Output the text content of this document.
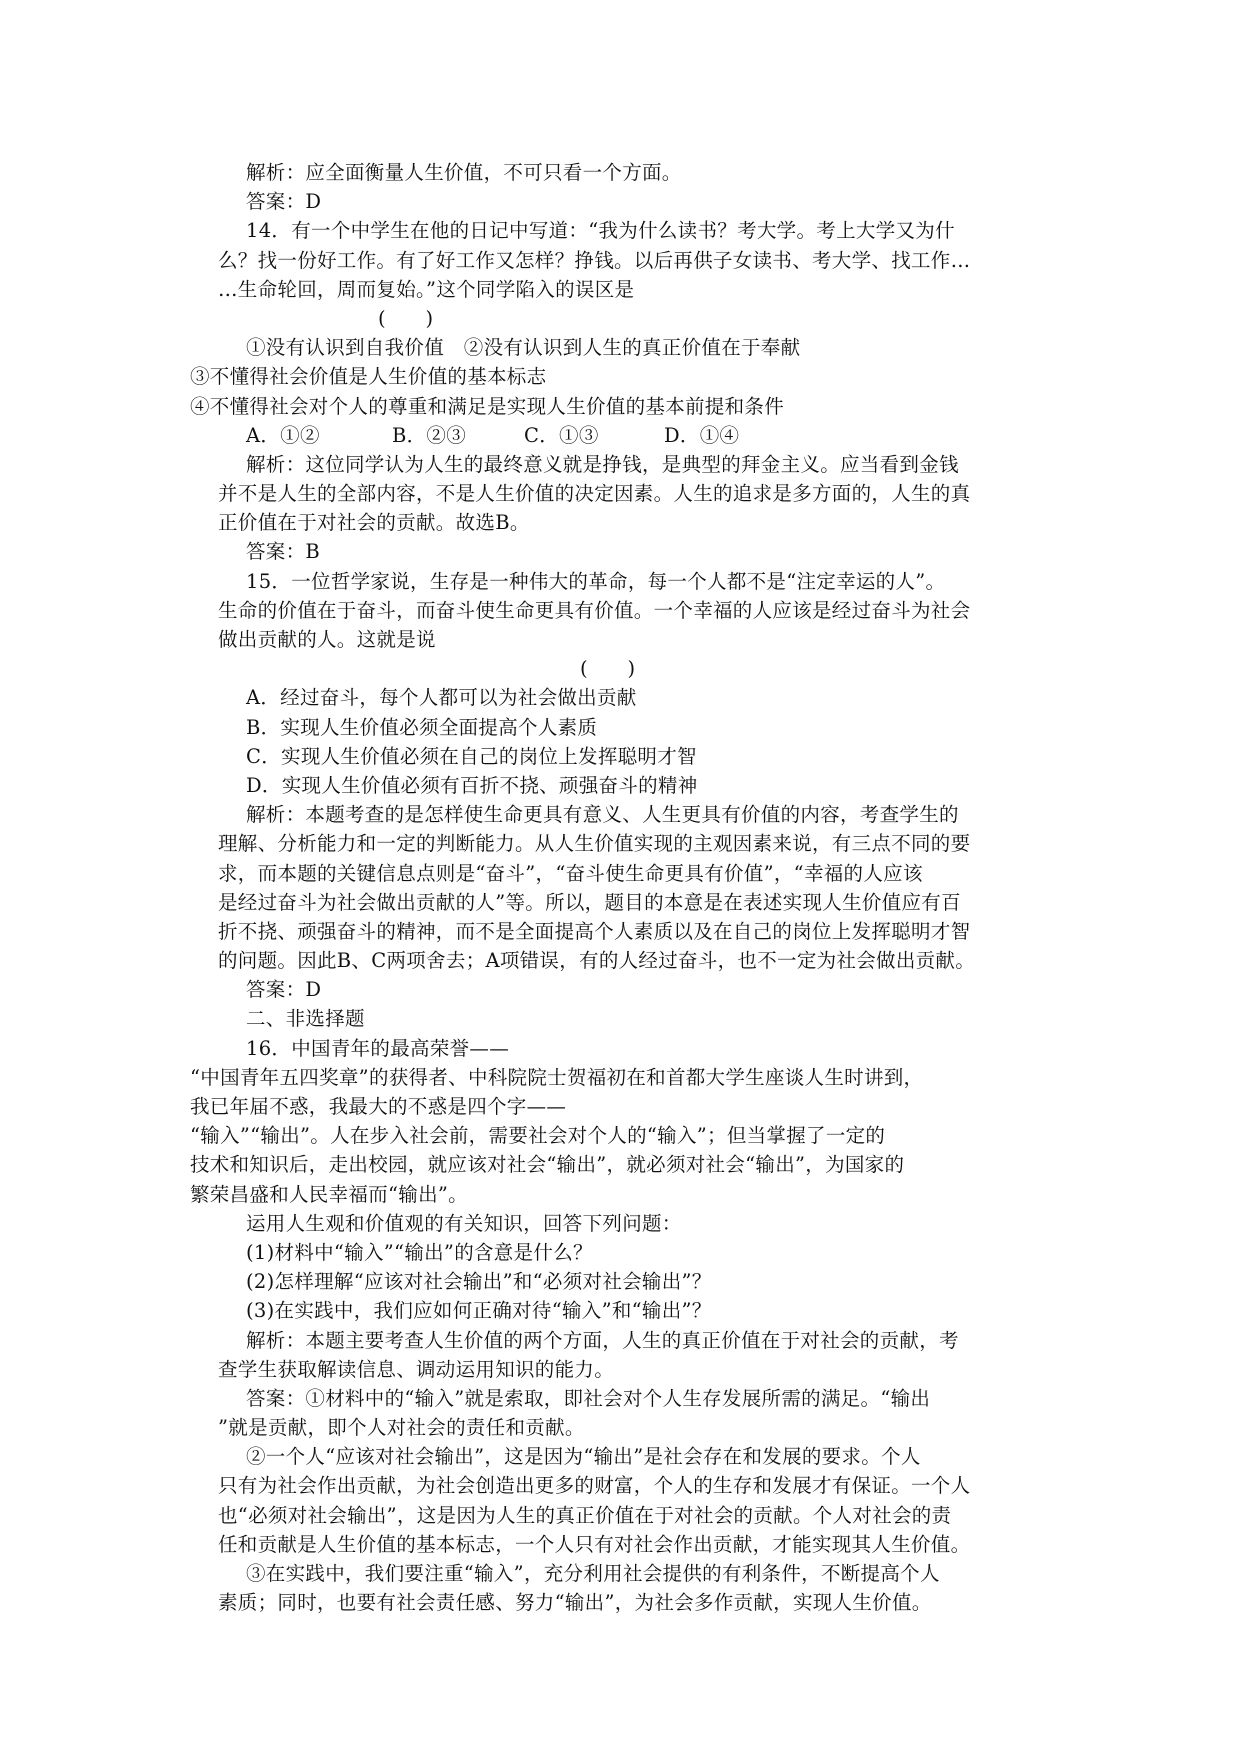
解析：应全面衡量人生价值，不可只看一个方面。
答案：D
14．有一个中学生在他的日记中写道：“我为什么读书？考大学。考上大学又为什
么？找一份好工作。有了好工作又怎样？挣钱。以后再供子女读书、考大学、找工作…
…生命轮回，周而复始。”这个同学陷入的误区是
(　　)
①没有认识到自我价值　②没有认识到人生的真正价值在于奉献
③不懂得社会价值是人生价值的基本标志
④不懂得社会对个人的尊重和满足是实现人生价值的基本前提和条件
A．①②	B．②③	C．①③	D．①④
解析：这位同学认为人生的最终意义就是挣钱，是典型的拜金主义。应当看到金钱
并不是人生的全部内容，不是人生价值的决定因素。人生的追求是多方面的，人生的真
正价值在于对社会的贡献。故选B。
答案：B
15．一位哲学家说，生存是一种伟大的革命，每一个人都不是“注定幸运的人”。
生命的价值在于奋斗，而奋斗使生命更具有价值。一个幸福的人应该是经过奋斗为社会
做出贡献的人。这就是说
(　　)
A．经过奋斗，每个人都可以为社会做出贡献
B．实现人生价值必须全面提高个人素质
C．实现人生价值必须在自己的岗位上发挥聪明才智
D．实现人生价值必须有百折不挠、顽强奋斗的精神
解析：本题考查的是怎样使生命更具有意义、人生更具有价值的内容，考查学生的
理解、分析能力和一定的判断能力。从人生价值实现的主观因素来说，有三点不同的要
求，而本题的关键信息点则是“奋斗”，“奋斗使生命更具有价值”，“幸福的人应该
是经过奋斗为社会做出贡献的人”等。所以，题目的本意是在表述实现人生价值应有百
折不挠、顽强奋斗的精神，而不是全面提高个人素质以及在自己的岗位上发挥聪明才智
的问题。因此B、C两项舍去；A项错误，有的人经过奋斗，也不一定为社会做出贡献。
答案：D
二、非选择题
16．中国青年的最高荣誉——
“中国青年五四奖章”的获得者、中科院院士贺福初在和首都大学生座谈人生时讲到，
我已年届不惑，我最大的不惑是四个字——
“输入”“输出”。人在步入社会前，需要社会对个人的“输入”；但当掌握了一定的
技术和知识后，走出校园，就应该对社会“输出”，就必须对社会“输出”，为国家的
繁荣昌盛和人民幸福而“输出”。
运用人生观和价值观的有关知识，回答下列问题：
(1)材料中“输入”“输出”的含意是什么？
(2)怎样理解“应该对社会输出”和“必须对社会输出”？
(3)在实践中，我们应如何正确对待“输入”和“输出”？
解析：本题主要考查人生价值的两个方面，人生的真正价值在于对社会的贡献，考
查学生获取解读信息、调动运用知识的能力。
答案：①材料中的“输入”就是索取，即社会对个人生存发展所需的满足。“输出
”就是贡献，即个人对社会的责任和贡献。
②一个人“应该对社会输出”，这是因为“输出”是社会存在和发展的要求。个人
只有为社会作出贡献，为社会创造出更多的财富，个人的生存和发展才有保证。一个人
也“必须对社会输出”，这是因为人生的真正价值在于对社会的贡献。个人对社会的责
任和贡献是人生价值的基本标志，一个人只有对社会作出贡献，才能实现其人生价值。
③在实践中，我们要注重“输入”，充分利用社会提供的有利条件，不断提高个人
素质；同时，也要有社会责任感、努力“输出”，为社会多作贡献，实现人生价值。
